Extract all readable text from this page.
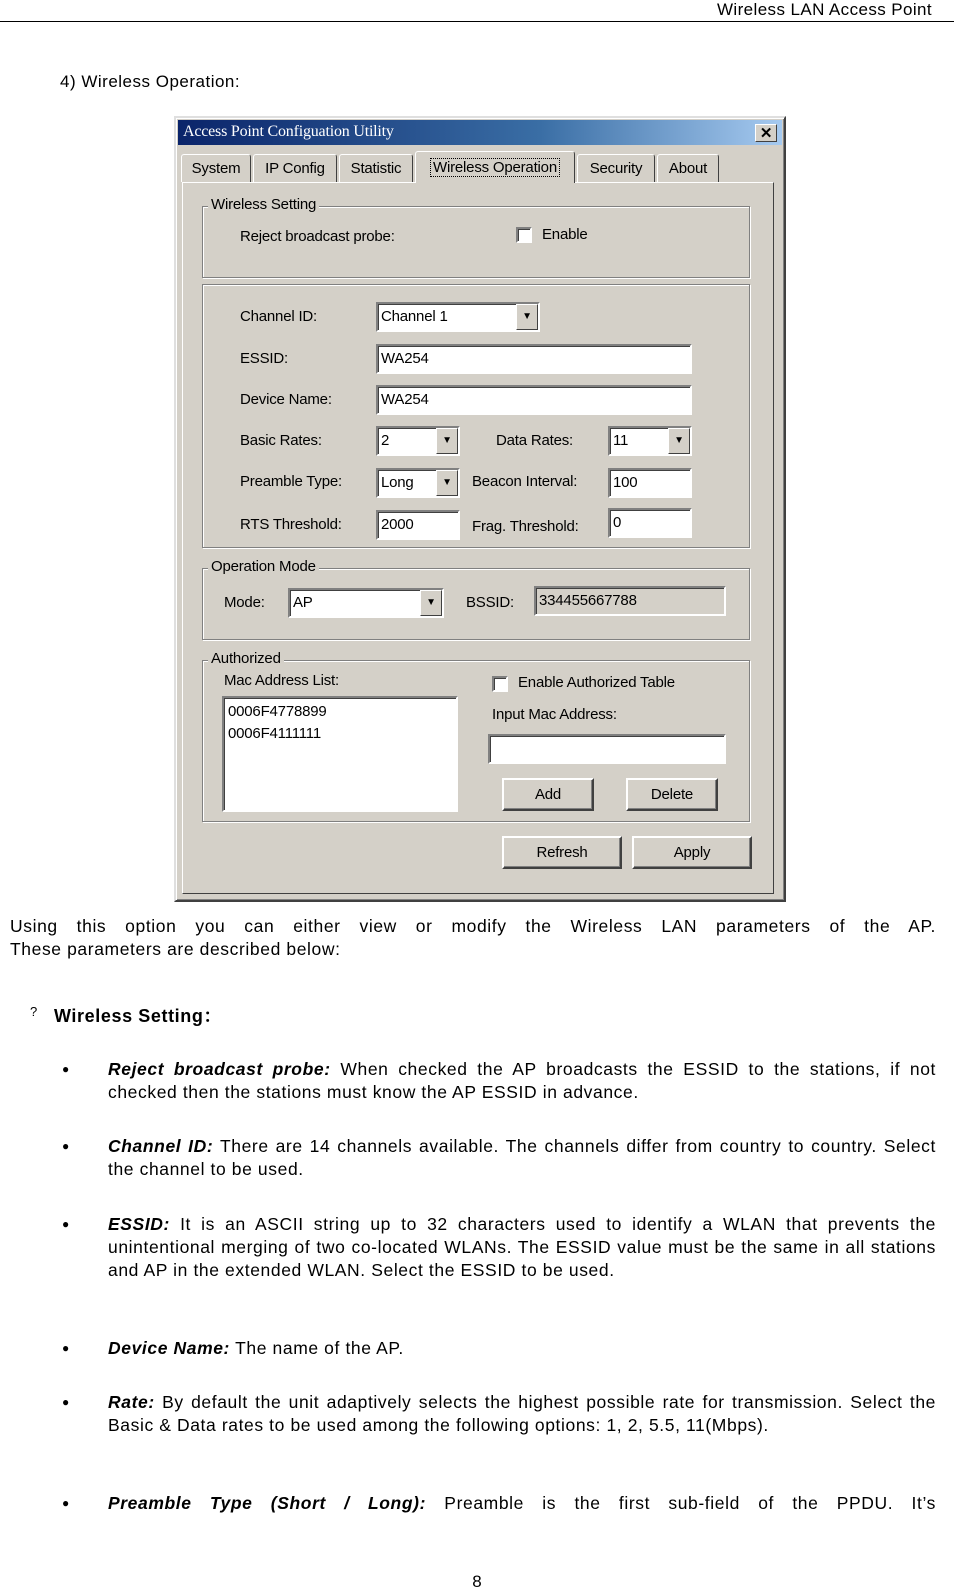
Wireless LAN Access Point
4) Wireless Operation:
Access Point Configuation Utility	✕
System IP Config Statistic Wireless Operation Security About
Wireless Setting
Reject broadcast probe:	Enable
Channel ID:	Channel 1	▼
ESSID:	WA254
Device Name:	WA254
Basic Rates:	2	▼	Data Rates:	11	▼
Preamble Type:	Long	▼	Beacon Interval:	100
RTS Threshold:	2000	Frag. Threshold:	0
Operation Mode
Mode:	AP	▼	BSSID:	334455667788
Authorized
Mac Address List:
0006F4778899
0006F4111111
Enable Authorized Table
Input Mac Address:
Add	Delete
Refresh	Apply
Using this option you can either view or modify the Wireless LAN parameters of the AP.
These parameters are described below:
? Wireless Setting：
● Reject broadcast probe: When checked the AP broadcasts the ESSID to the stations, if not checked then the stations must know the AP ESSID in advance.
● Channel ID: There are 14 channels available. The channels differ from country to country. Select the channel to be used.
● ESSID: It is an ASCII string up to 32 characters used to identify a WLAN that prevents the unintentional merging of two co-located WLANs. The ESSID value must be the same in all stations and AP in the extended WLAN. Select the ESSID to be used.
● Device Name: The name of the AP.
● Rate: By default the unit adaptively selects the highest possible rate for transmission. Select the Basic & Data rates to be used among the following options: 1, 2, 5.5, 11(Mbps).
● Preamble Type (Short / Long): Preamble is the first sub-field of the PPDU. It’s
8
